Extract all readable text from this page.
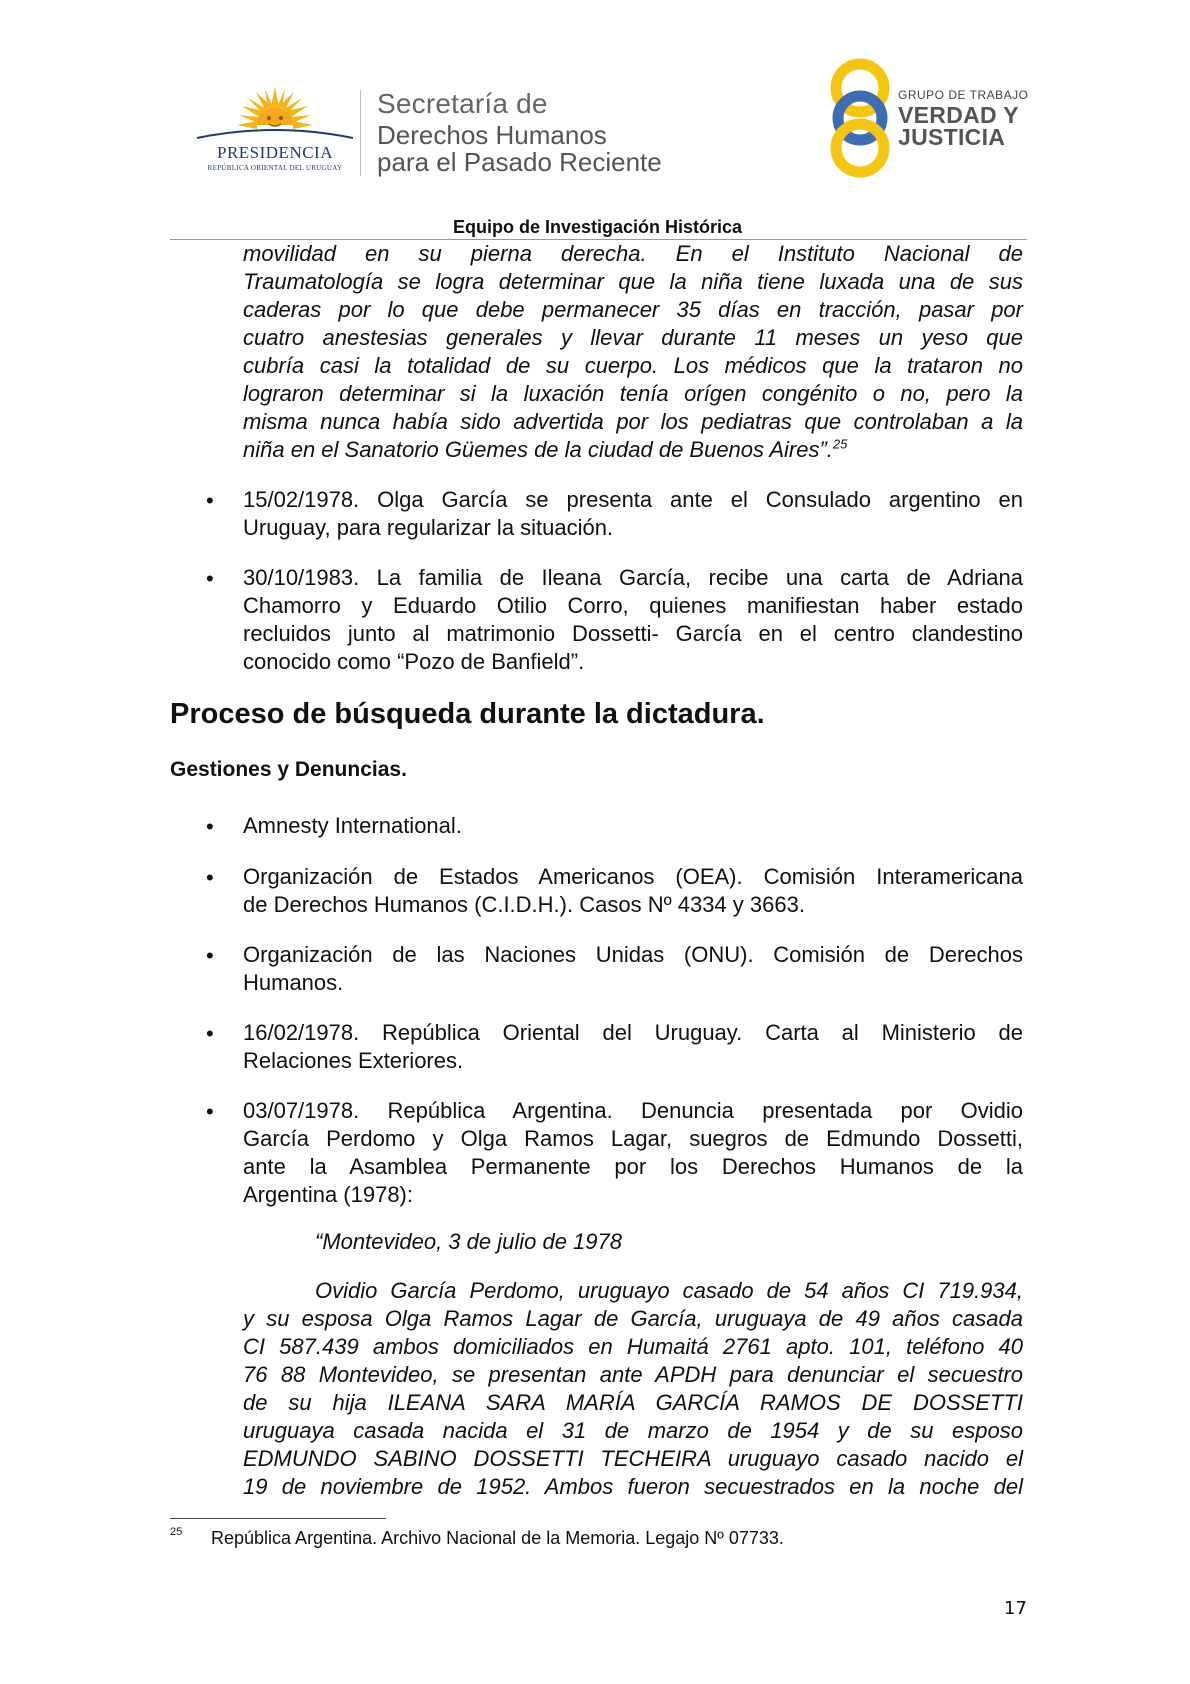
PRESIDENCIA
REPÚBLICA ORIENTAL DEL URUGUAY
Secretaría de
Derechos Humanos
para el Pasado Reciente
GRUPO DE TRABAJO
VERDAD Y
JUSTICIA
Equipo de Investigación Histórica
movilidad en su pierna derecha. En el Instituto Nacional de
Traumatología se logra determinar que la niña tiene luxada una de sus
caderas por lo que debe permanecer 35 días en tracción, pasar por
cuatro anestesias generales y llevar durante 11 meses un yeso que
cubría casi la totalidad de su cuerpo. Los médicos que la trataron no
lograron determinar si la luxación tenía orígen congénito o no, pero la
misma nunca había sido advertida por los pediatras que controlaban a la
niña en el Sanatorio Güemes de la ciudad de Buenos Aires”.$^{25}$
• 15/02/1978. Olga García se presenta ante el Consulado argentino en
Uruguay, para regularizar la situación.
• 30/10/1983. La familia de Ileana García, recibe una carta de Adriana
Chamorro y Eduardo Otilio Corro, quienes manifiestan haber estado
recluidos junto al matrimonio Dossetti- García en el centro clandestino
conocido como “Pozo de Banfield”.
Proceso de búsqueda durante la dictadura.
Gestiones y Denuncias.
• Amnesty International.
• Organización de Estados Americanos (OEA). Comisión Interamericana
de Derechos Humanos (C.I.D.H.). Casos Nº 4334 y 3663.
• Organización de las Naciones Unidas (ONU). Comisión de Derechos
Humanos.
• 16/02/1978. República Oriental del Uruguay. Carta al Ministerio de
Relaciones Exteriores.
• 03/07/1978. República Argentina. Denuncia presentada por Ovidio
García Perdomo y Olga Ramos Lagar, suegros de Edmundo Dossetti,
ante la Asamblea Permanente por los Derechos Humanos de la
Argentina (1978):
“Montevideo, 3 de julio de 1978
Ovidio García Perdomo, uruguayo casado de 54 años CI 719.934,
y su esposa Olga Ramos Lagar de García, uruguaya de 49 años casada
CI 587.439 ambos domiciliados en Humaitá 2761 apto. 101, teléfono 40
76 88 Montevideo, se presentan ante APDH para denunciar el secuestro
de su hija ILEANA SARA MARÍA GARCÍA RAMOS DE DOSSETTI
uruguaya casada nacida el 31 de marzo de 1954 y de su esposo
EDMUNDO SABINO DOSSETTI TECHEIRA uruguayo casado nacido el
19 de noviembre de 1952. Ambos fueron secuestrados en la noche del
25 República Argentina. Archivo Nacional de la Memoria. Legajo Nº 07733.
17
